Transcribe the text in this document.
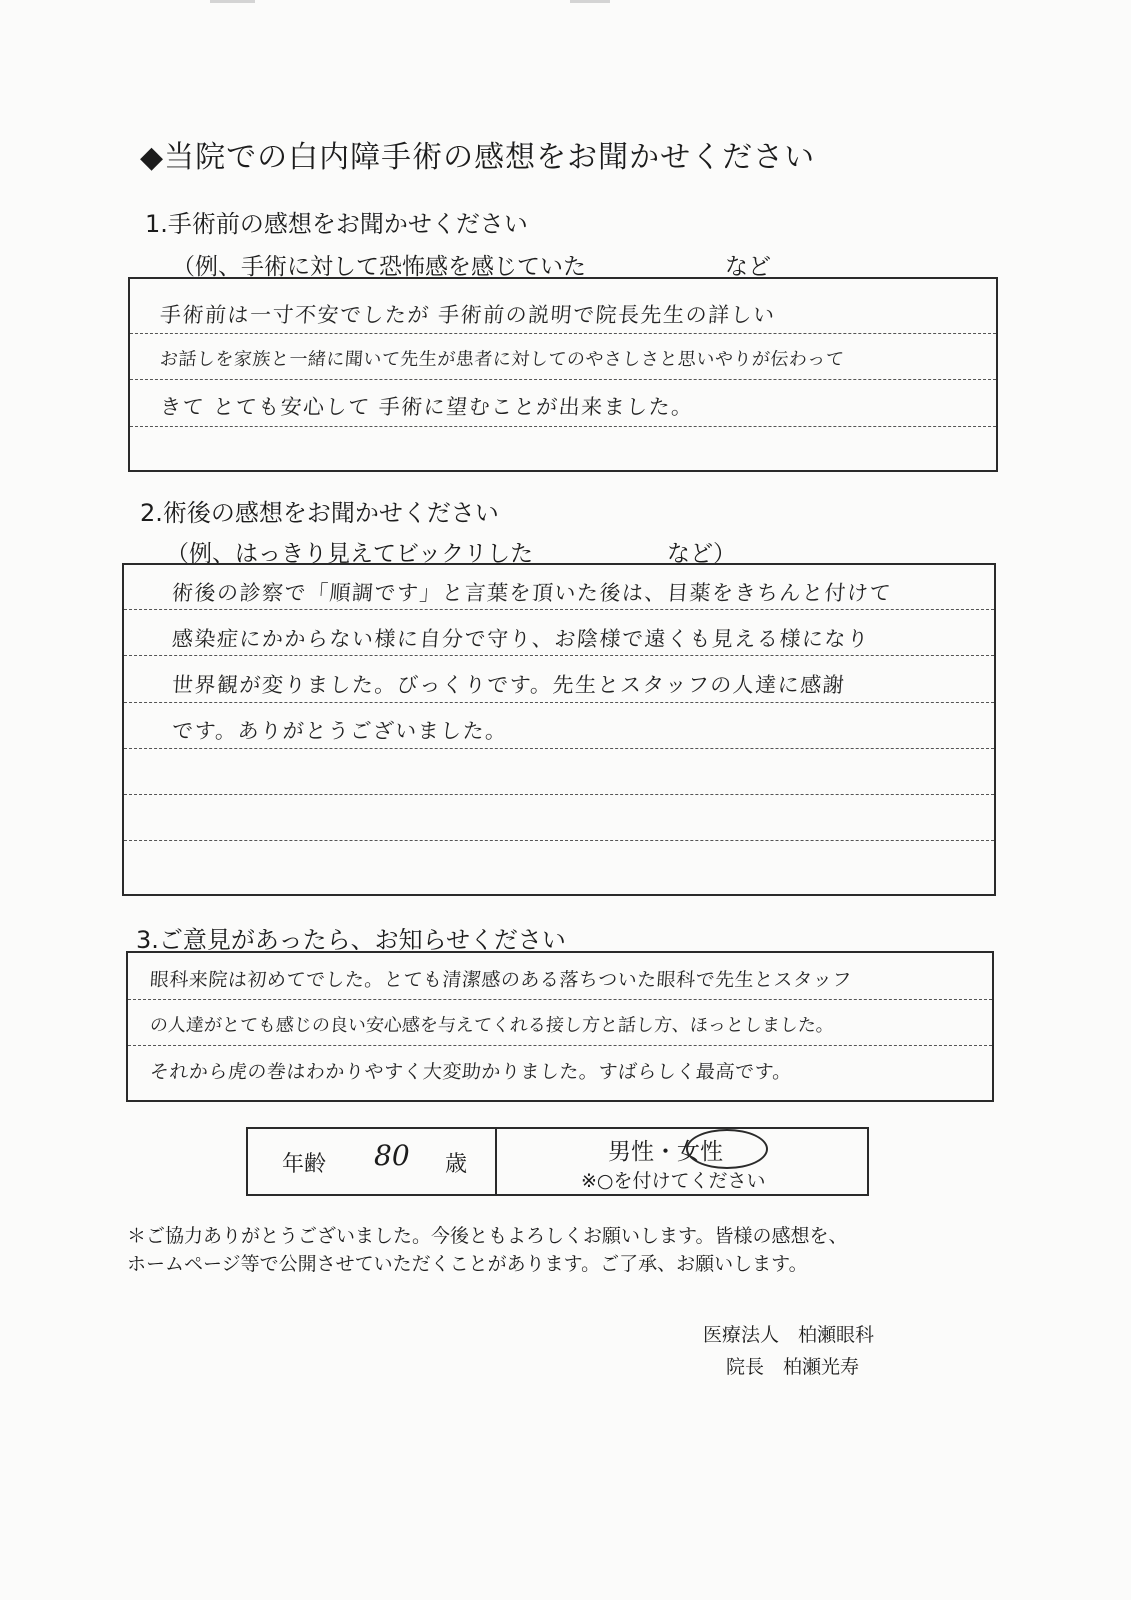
◆当院での白内障手術の感想をお聞かせください
1.手術前の感想をお聞かせください
（例、手術に対して恐怖感を感じていた	など
手術前は一寸不安でしたが 手術前の説明で院長先生の詳しい
お話しを家族と一緒に聞いて先生が患者に対してのやさしさと思いやりが伝わって
きて とても安心して 手術に望むことが出来ました。
2.術後の感想をお聞かせください
（例、はっきり見えてビックリした	など）
術後の診察で「順調です」と言葉を頂いた後は、目薬をきちんと付けて
感染症にかからない様に自分で守り、お陰様で遠くも見える様になり
世界観が変りました。びっくりです。先生とスタッフの人達に感謝
です。ありがとうございました。
3.ご意見があったら、お知らせください
眼科来院は初めてでした。とても清潔感のある落ちついた眼科で先生とスタッフ
の人達がとても感じの良い安心感を与えてくれる接し方と話し方、ほっとしました。
それから虎の巻はわかりやすく大変助かりました。すばらしく最高です。
年齢 80 歳	男性・女性
※○を付けてください
＊ご協力ありがとうございました。今後ともよろしくお願いします。皆様の感想を、
ホームページ等で公開させていただくことがあります。ご了承、お願いします。
医療法人　柏瀬眼科
院長　柏瀬光寿
